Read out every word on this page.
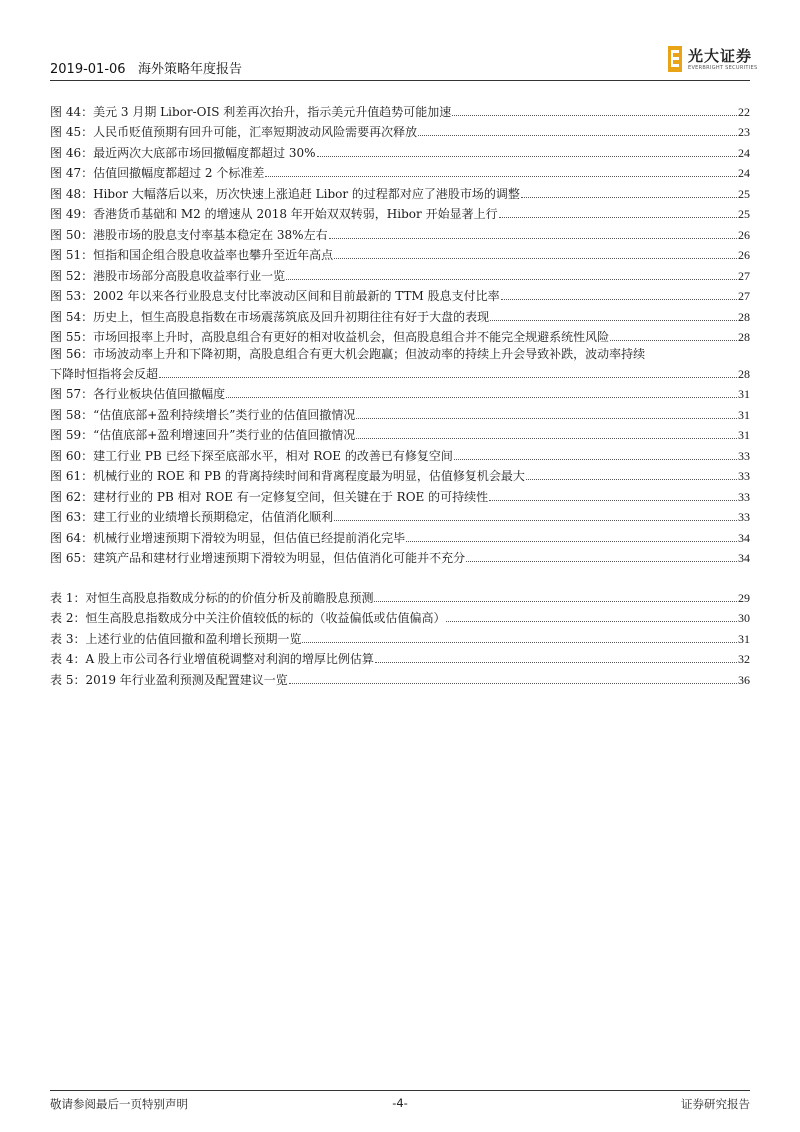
2019-01-06 海外策略年度报告
光大证券
EVERBRIGHT SECURITIES
图 44：美元 3 月期 Libor-OIS 利差再次抬升，指示美元升值趋势可能加速	22
图 45：人民币贬值预期有回升可能，汇率短期波动风险需要再次释放	23
图 46：最近两次大底部市场回撤幅度都超过 30%	24
图 47：估值回撤幅度都超过 2 个标准差	24
图 48：Hibor 大幅落后以来，历次快速上涨追赶 Libor 的过程都对应了港股市场的调整	25
图 49：香港货币基础和 M2 的增速从 2018 年开始双双转弱，Hibor 开始显著上行	25
图 50：港股市场的股息支付率基本稳定在 38%左右	26
图 51：恒指和国企组合股息收益率也攀升至近年高点	26
图 52：港股市场部分高股息收益率行业一览	27
图 53：2002 年以来各行业股息支付比率波动区间和目前最新的 TTM 股息支付比率	27
图 54：历史上，恒生高股息指数在市场震荡筑底及回升初期往往有好于大盘的表现	28
图 55：市场回报率上升时，高股息组合有更好的相对收益机会，但高股息组合并不能完全规避系统性风险	28
图 56：市场波动率上升和下降初期，高股息组合有更大机会跑赢；但波动率的持续上升会导致补跌，波动率持续
下降时恒指将会反超	28
图 57：各行业板块估值回撤幅度	31
图 58：“估值底部+盈利持续增长”类行业的估值回撤情况	31
图 59：“估值底部+盈利增速回升”类行业的估值回撤情况	31
图 60：建工行业 PB 已经下探至底部水平，相对 ROE 的改善已有修复空间	33
图 61：机械行业的 ROE 和 PB 的背离持续时间和背离程度最为明显，估值修复机会最大	33
图 62：建材行业的 PB 相对 ROE 有一定修复空间，但关键在于 ROE 的可持续性	33
图 63：建工行业的业绩增长预期稳定，估值消化顺利	33
图 64：机械行业增速预期下滑较为明显，但估值已经提前消化完毕	34
图 65：建筑产品和建材行业增速预期下滑较为明显，但估值消化可能并不充分	34
表 1：对恒生高股息指数成分标的的价值分析及前瞻股息预测	29
表 2：恒生高股息指数成分中关注价值较低的标的（收益偏低或估值偏高）	30
表 3：上述行业的估值回撤和盈利增长预期一览	31
表 4：A 股上市公司各行业增值税调整对利润的增厚比例估算	32
表 5：2019 年行业盈利预测及配置建议一览	36
敬请参阅最后一页特别声明	-4-	证券研究报告
